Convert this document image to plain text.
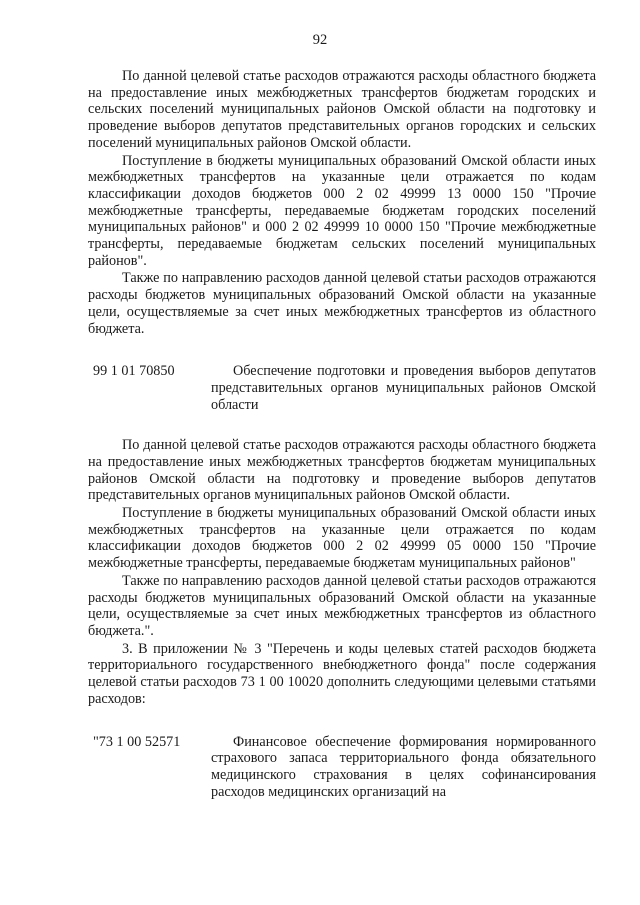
92

По данной целевой статье расходов отражаются расходы областного бюджета на предоставление иных межбюджетных трансфертов бюджетам городских и сельских поселений муниципальных районов Омской области на подготовку и проведение выборов депутатов представительных органов городских и сельских поселений муниципальных районов Омской области.

Поступление в бюджеты муниципальных образований Омской области иных межбюджетных трансфертов на указанные цели отражается по кодам классификации доходов бюджетов 000 2 02 49999 13 0000 150 "Прочие межбюджетные трансферты, передаваемые бюджетам городских поселений муниципальных районов" и 000 2 02 49999 10 0000 150 "Прочие межбюджетные трансферты, передаваемые бюджетам сельских поселений муниципальных районов".

Также по направлению расходов данной целевой статьи расходов отражаются расходы бюджетов муниципальных образований Омской области на указанные цели, осуществляемые за счет иных межбюджетных трансфертов из областного бюджета.

99 1 01 70850	Обеспечение подготовки и проведения выборов депутатов представительных органов муниципальных районов Омской области

По данной целевой статье расходов отражаются расходы областного бюджета на предоставление иных межбюджетных трансфертов бюджетам муниципальных районов Омской области на подготовку и проведение выборов депутатов представительных органов муниципальных районов Омской области.

Поступление в бюджеты муниципальных образований Омской области иных межбюджетных трансфертов на указанные цели отражается по кодам классификации доходов бюджетов 000 2 02 49999 05 0000 150 "Прочие межбюджетные трансферты, передаваемые бюджетам муниципальных районов"

Также по направлению расходов данной целевой статьи расходов отражаются расходы бюджетов муниципальных образований Омской области на указанные цели, осуществляемые за счет иных межбюджетных трансфертов из областного бюджета.".

3. В приложении № 3 "Перечень и коды целевых статей расходов бюджета территориального государственного внебюджетного фонда" после содержания целевой статьи расходов 73 1 00 10020 дополнить следующими целевыми статьями расходов:

"73 1 00 52571	Финансовое обеспечение формирования нормированного страхового запаса территориального фонда обязательного медицинского страхования в целях софинансирования расходов медицинских организаций на
